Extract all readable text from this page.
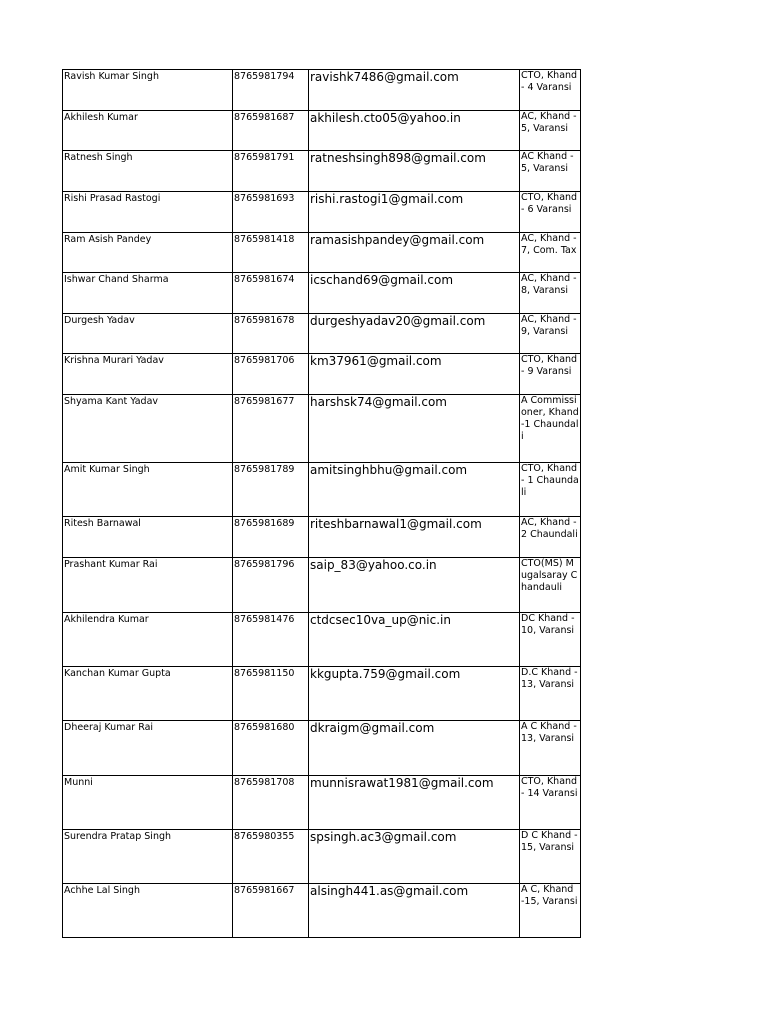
Ravish Kumar Singh	8765981794	ravishk7486@gmail.com	CTO, Khand - 4 Varansi

Akhilesh Kumar	8765981687	akhilesh.cto05@yahoo.in	AC, Khand -5, Varansi

Ratnesh Singh	8765981791	ratneshsingh898@gmail.com	AC Khand - 5, Varansi

Rishi Prasad Rastogi	8765981693	rishi.rastogi1@gmail.com	CTO, Khand - 6 Varansi

Ram Asish Pandey	8765981418	ramasishpandey@gmail.com	AC, Khand -7, Com. Tax

Ishwar Chand Sharma	8765981674	icschand69@gmail.com	AC, Khand -8, Varansi

Durgesh Yadav	8765981678	durgeshyadav20@gmail.com	AC, Khand -9, Varansi

Krishna Murari Yadav	8765981706	km37961@gmail.com	CTO, Khand - 9 Varansi

Shyama Kant Yadav	8765981677	harshsk74@gmail.com	A Commissioner, Khand -1 Chaundali

Amit Kumar Singh	8765981789	amitsinghbhu@gmail.com	CTO, Khand - 1 Chaundali

Ritesh Barnawal	8765981689	riteshbarnawal1@gmail.com	AC, Khand -2 Chaundali

Prashant Kumar Rai	8765981796	saip_83@yahoo.co.in	CTO(MS) Mugalsaray Chandauli

Akhilendra Kumar	8765981476	ctdcsec10va_up@nic.in	DC Khand - 10, Varansi

Kanchan Kumar Gupta	8765981150	kkgupta.759@gmail.com	D.C Khand - 13, Varansi

Dheeraj Kumar Rai	8765981680	dkraigm@gmail.com	A C Khand -13, Varansi

Munni	8765981708	munnisrawat1981@gmail.com	CTO, Khand - 14 Varansi

Surendra Pratap Singh	8765980355	spsingh.ac3@gmail.com	D C Khand - 15, Varansi

Achhe Lal Singh	8765981667	alsingh441.as@gmail.com	A C, Khand -15, Varansi
